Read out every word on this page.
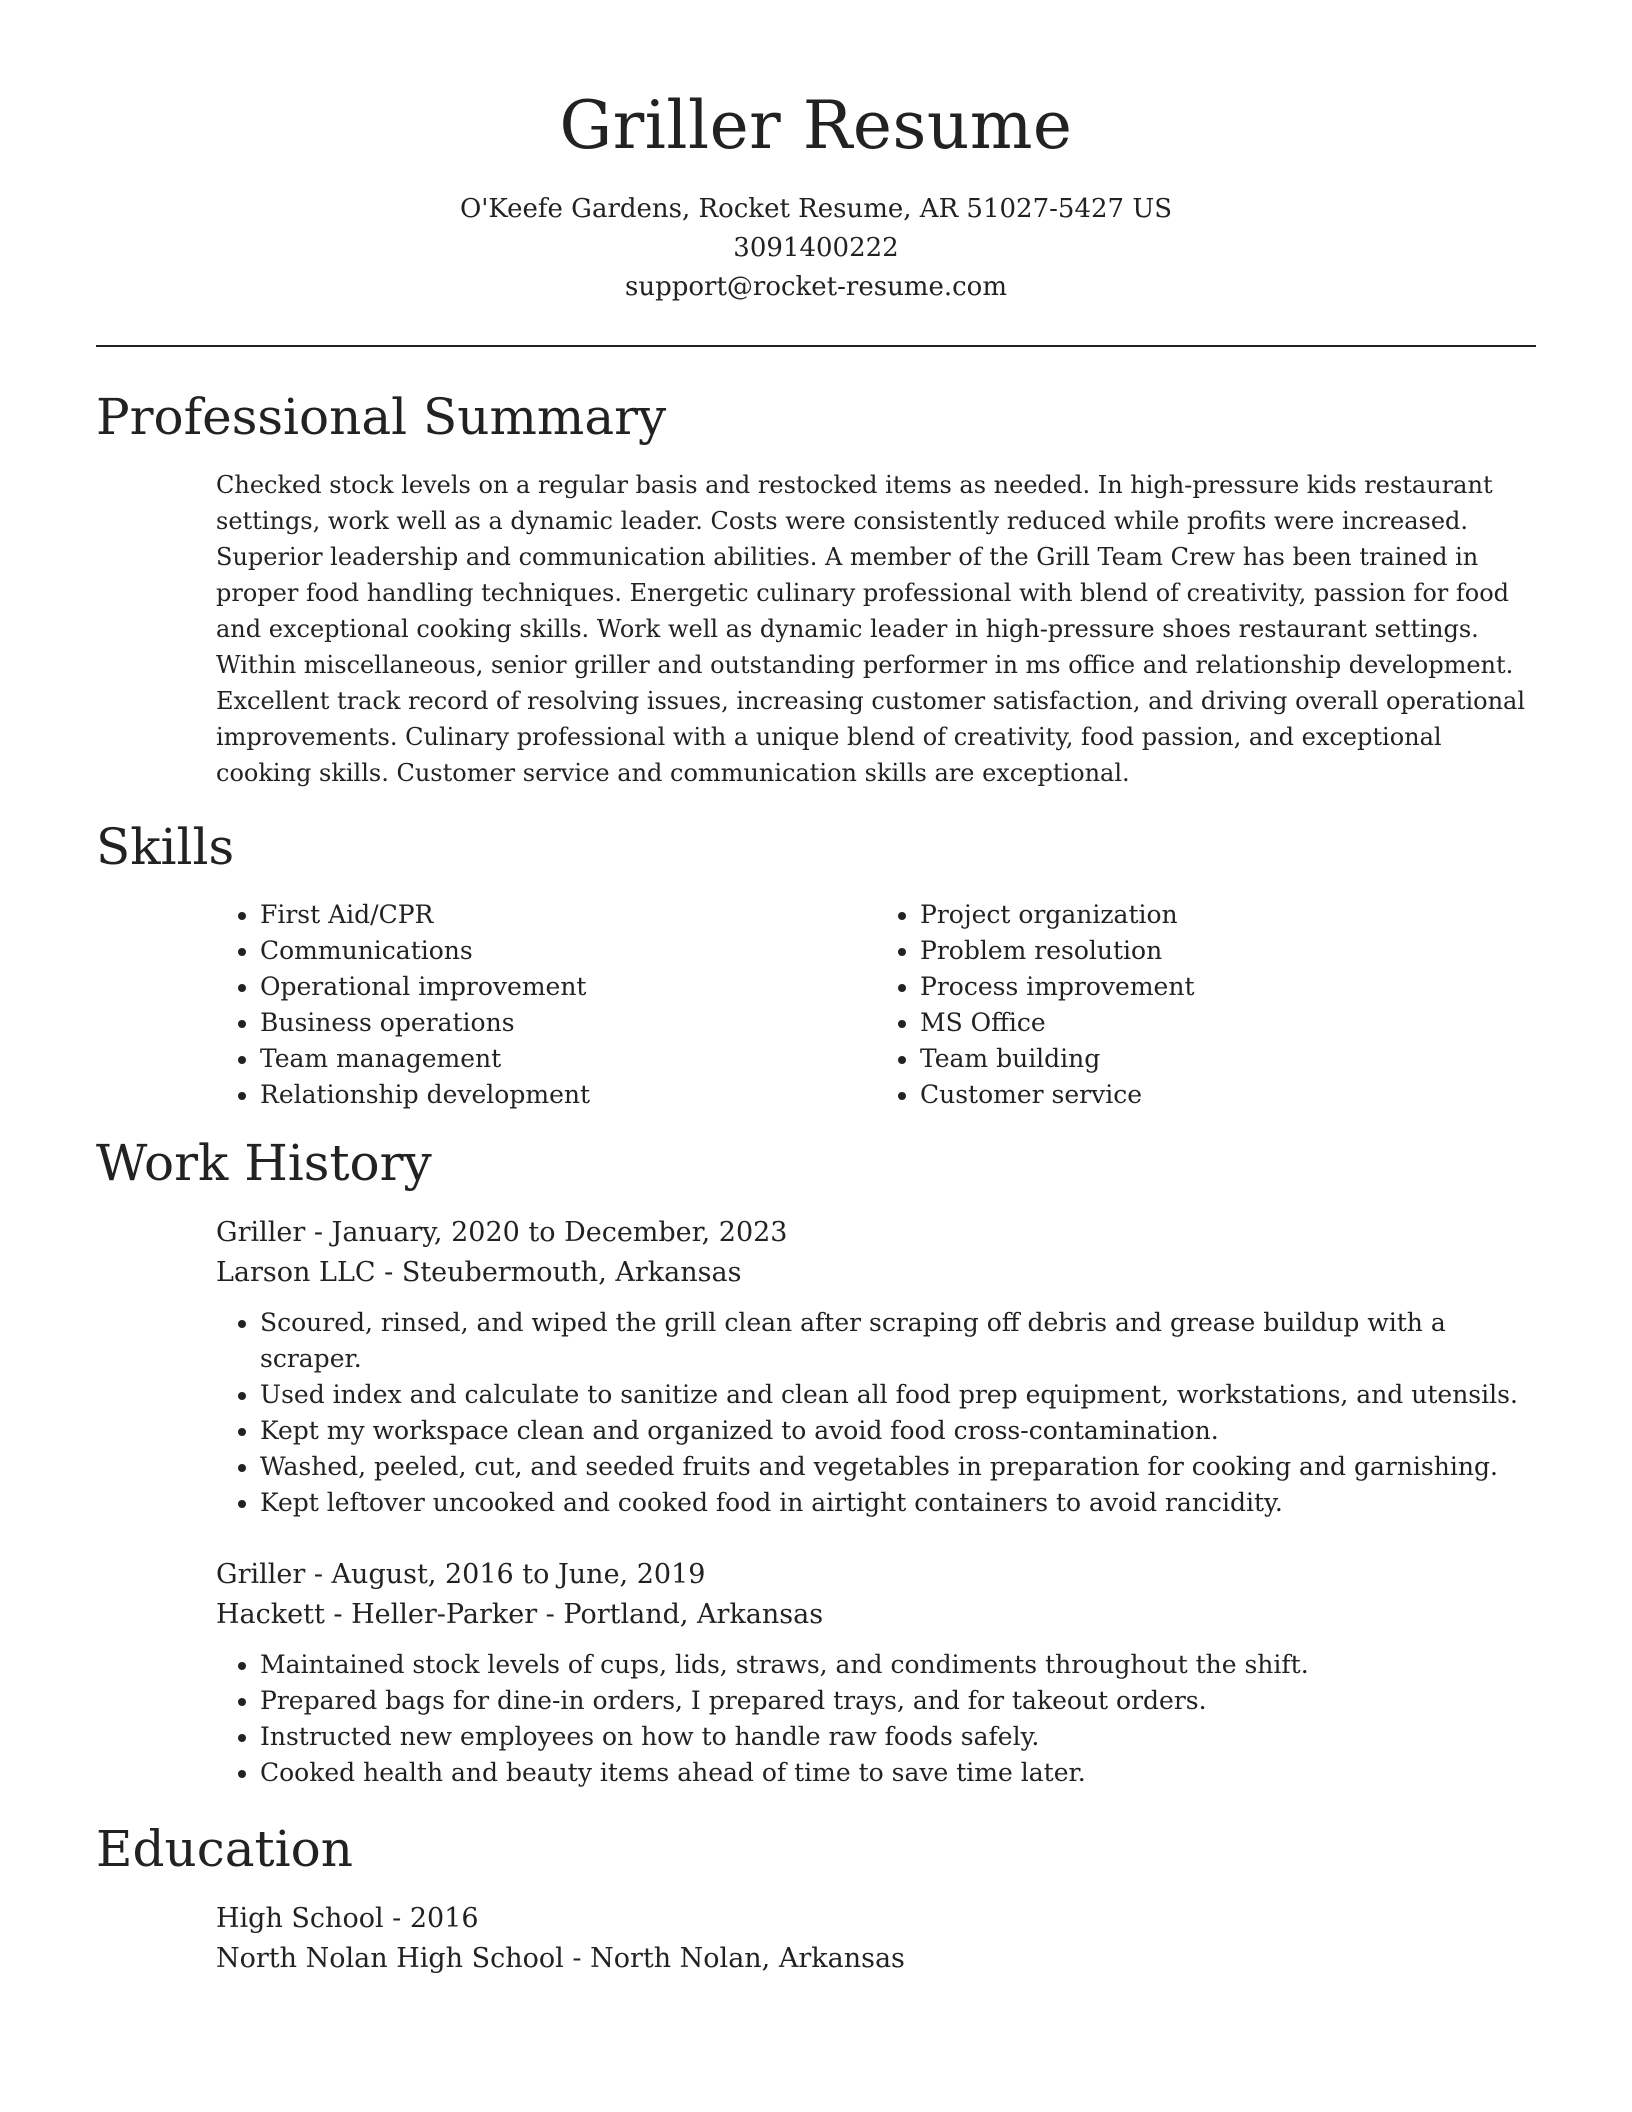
Griller Resume
O'Keefe Gardens, Rocket Resume, AR 51027-5427 US
3091400222
support@rocket-resume.com
Professional Summary

Checked stock levels on a regular basis and restocked items as needed. In high-pressure kids restaurant settings, work well as a dynamic leader. Costs were consistently reduced while profits were increased. Superior leadership and communication abilities. A member of the Grill Team Crew has been trained in proper food handling techniques. Energetic culinary professional with blend of creativity, passion for food and exceptional cooking skills. Work well as dynamic leader in high-pressure shoes restaurant settings. Within miscellaneous, senior griller and outstanding performer in ms office and relationship development. Excellent track record of resolving issues, increasing customer satisfaction, and driving overall operational improvements. Culinary professional with a unique blend of creativity, food passion, and exceptional cooking skills. Customer service and communication skills are exceptional.

Skills
• First Aid/CPR
• Communications
• Operational improvement
• Business operations
• Team management
• Relationship development
• Project organization
• Problem resolution
• Process improvement
• MS Office
• Team building
• Customer service
Work History
Griller - January, 2020 to December, 2023
Larson LLC - Steubermouth, Arkansas
• Scoured, rinsed, and wiped the grill clean after scraping off debris and grease buildup with a scraper.
• Used index and calculate to sanitize and clean all food prep equipment, workstations, and utensils.
• Kept my workspace clean and organized to avoid food cross-contamination.
• Washed, peeled, cut, and seeded fruits and vegetables in preparation for cooking and garnishing.
• Kept leftover uncooked and cooked food in airtight containers to avoid rancidity.
Griller - August, 2016 to June, 2019
Hackett - Heller-Parker - Portland, Arkansas
• Maintained stock levels of cups, lids, straws, and condiments throughout the shift.
• Prepared bags for dine-in orders, I prepared trays, and for takeout orders.
• Instructed new employees on how to handle raw foods safely.
• Cooked health and beauty items ahead of time to save time later.
Education
High School - 2016
North Nolan High School - North Nolan, Arkansas
